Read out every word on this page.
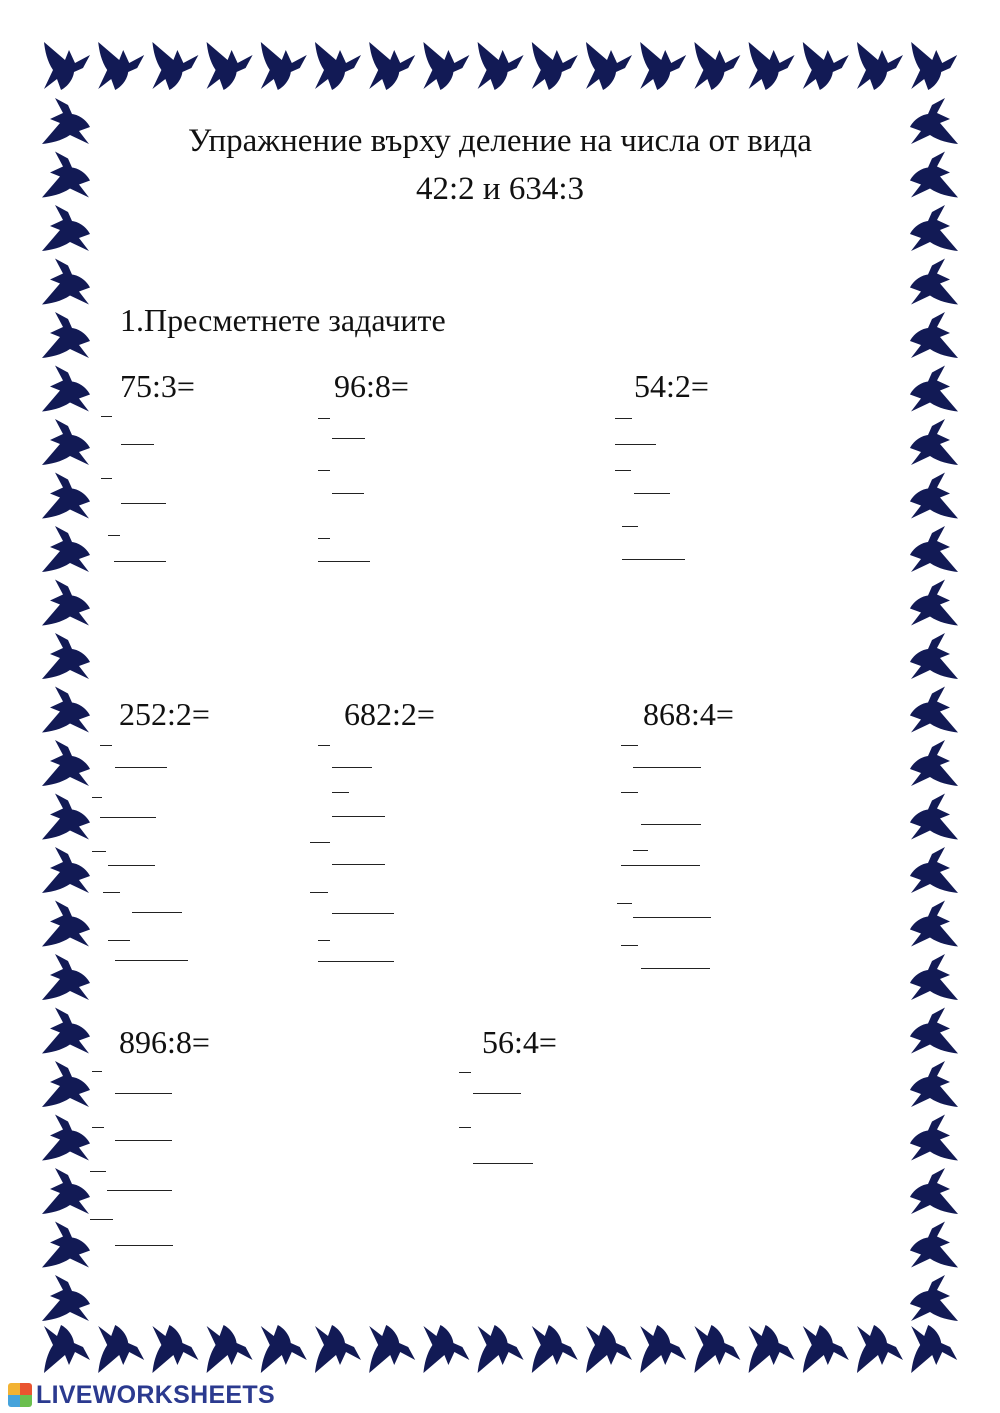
Упражнение върху деление на числа от вида
42:2 и 634:3
1.Пресметнете задачите
75:3=	96:8=	54:2=
252:2=	682:2=	868:4=
896:8=	56:4=
LIVEWORKSHEETS
